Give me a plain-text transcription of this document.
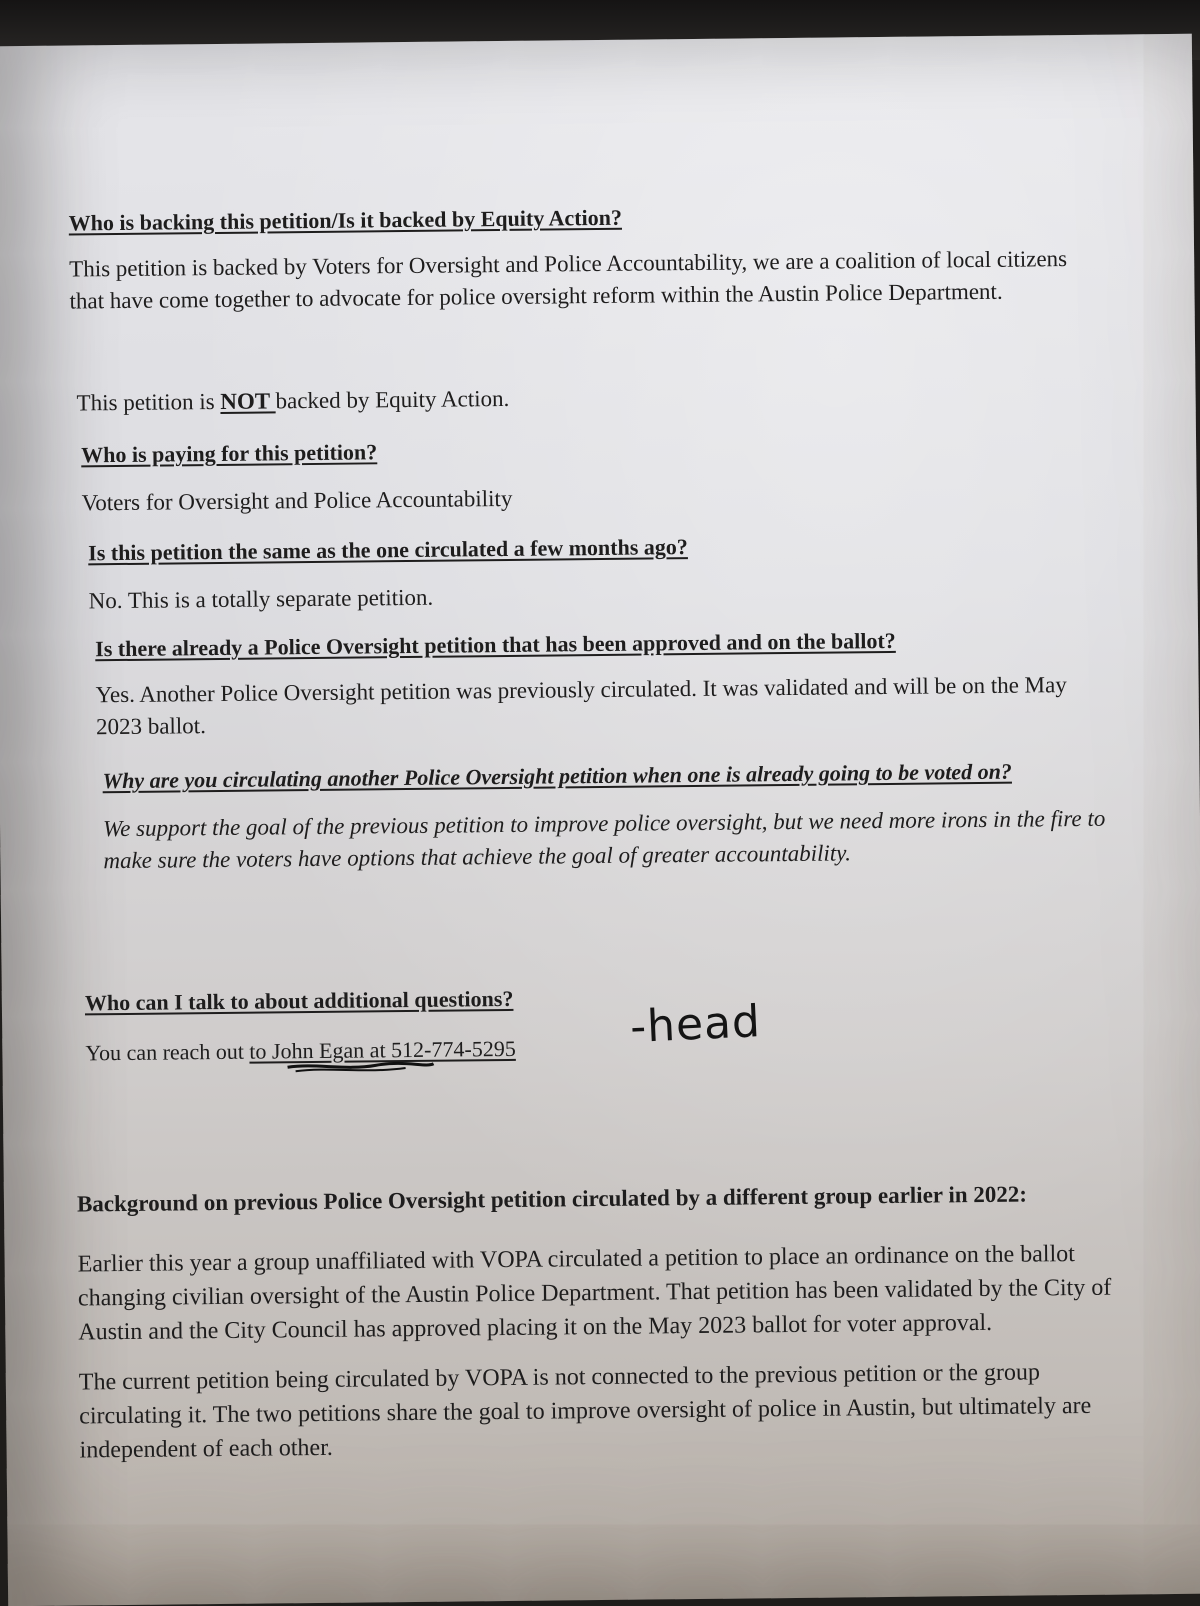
Who is backing this petition/Is it backed by Equity Action?

This petition is backed by Voters for Oversight and Police Accountability, we are a coalition of local citizens that have come together to advocate for police oversight reform within the Austin Police Department.

This petition is NOT backed by Equity Action.

Who is paying for this petition?

Voters for Oversight and Police Accountability

Is this petition the same as the one circulated a few months ago?

No. This is a totally separate petition.

Is there already a Police Oversight petition that has been approved and on the ballot?

Yes. Another Police Oversight petition was previously circulated. It was validated and will be on the May 2023 ballot.

Why are you circulating another Police Oversight petition when one is already going to be voted on?

We support the goal of the previous petition to improve police oversight, but we need more irons in the fire to make sure the voters have options that achieve the goal of greater accountability.

Who can I talk to about additional questions?

You can reach out to John Egan at 512-774-5295	-head

Background on previous Police Oversight petition circulated by a different group earlier in 2022:

Earlier this year a group unaffiliated with VOPA circulated a petition to place an ordinance on the ballot changing civilian oversight of the Austin Police Department. That petition has been validated by the City of Austin and the City Council has approved placing it on the May 2023 ballot for voter approval.

The current petition being circulated by VOPA is not connected to the previous petition or the group circulating it. The two petitions share the goal to improve oversight of police in Austin, but ultimately are independent of each other.
